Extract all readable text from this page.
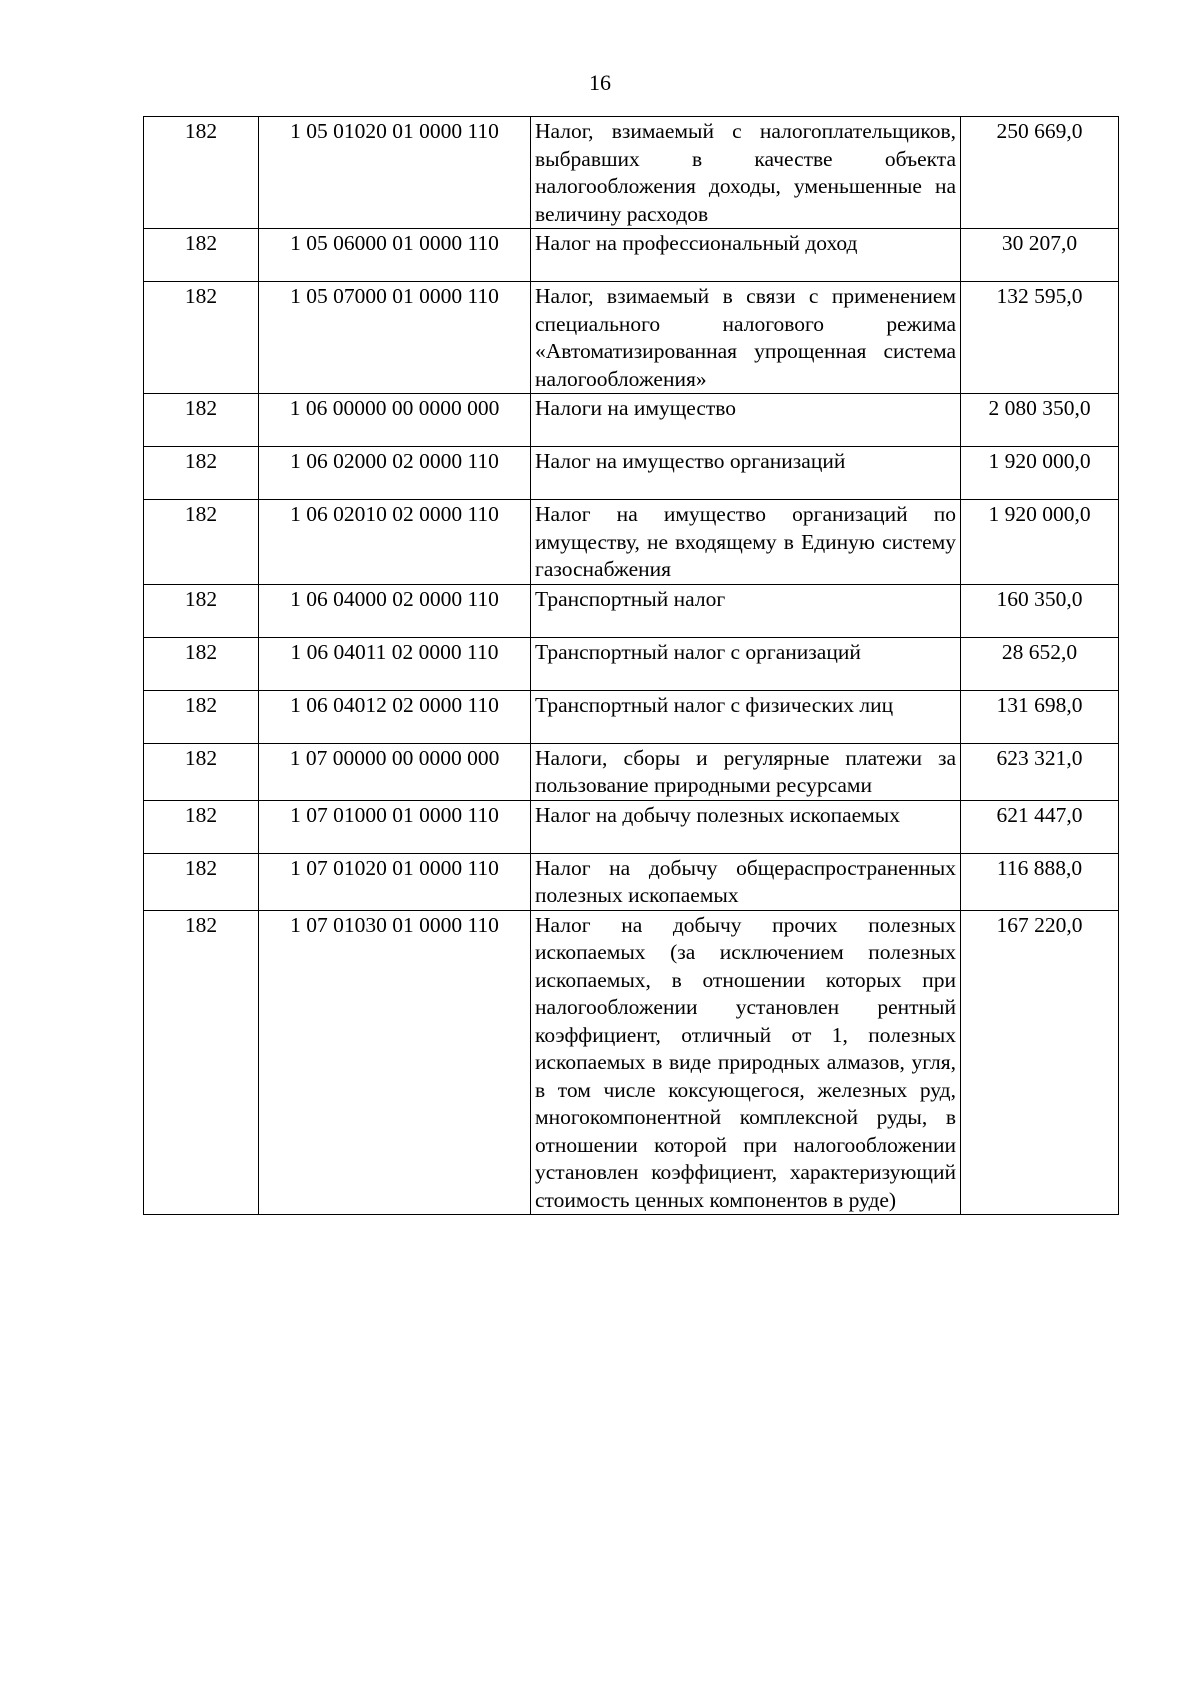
16
182	1 05 01020 01 0000 110	Налог, взимаемый с налогоплательщиков, выбравших в качестве объекта налогообложения доходы, уменьшенные на величину расходов	250 669,0
182	1 05 06000 01 0000 110	Налог на профессиональный доход	30 207,0
182	1 05 07000 01 0000 110	Налог, взимаемый в связи с применением специального налогового режима «Автоматизированная упрощенная система налогообложения»	132 595,0
182	1 06 00000 00 0000 000	Налоги на имущество	2 080 350,0
182	1 06 02000 02 0000 110	Налог на имущество организаций	1 920 000,0
182	1 06 02010 02 0000 110	Налог на имущество организаций по имуществу, не входящему в Единую систему газоснабжения	1 920 000,0
182	1 06 04000 02 0000 110	Транспортный налог	160 350,0
182	1 06 04011 02 0000 110	Транспортный налог с организаций	28 652,0
182	1 06 04012 02 0000 110	Транспортный налог с физических лиц	131 698,0
182	1 07 00000 00 0000 000	Налоги, сборы и регулярные платежи за пользование природными ресурсами	623 321,0
182	1 07 01000 01 0000 110	Налог на добычу полезных ископаемых	621 447,0
182	1 07 01020 01 0000 110	Налог на добычу общераспространенных полезных ископаемых	116 888,0
182	1 07 01030 01 0000 110	Налог на добычу прочих полезных ископаемых (за исключением полезных ископаемых, в отношении которых при налогообложении установлен рентный коэффициент, отличный от 1, полезных ископаемых в виде природных алмазов, угля, в том числе коксующегося, железных руд, многокомпонентной комплексной руды, в отношении которой при налогообложении установлен коэффициент, характеризующий стоимость ценных компонентов в руде)	167 220,0
